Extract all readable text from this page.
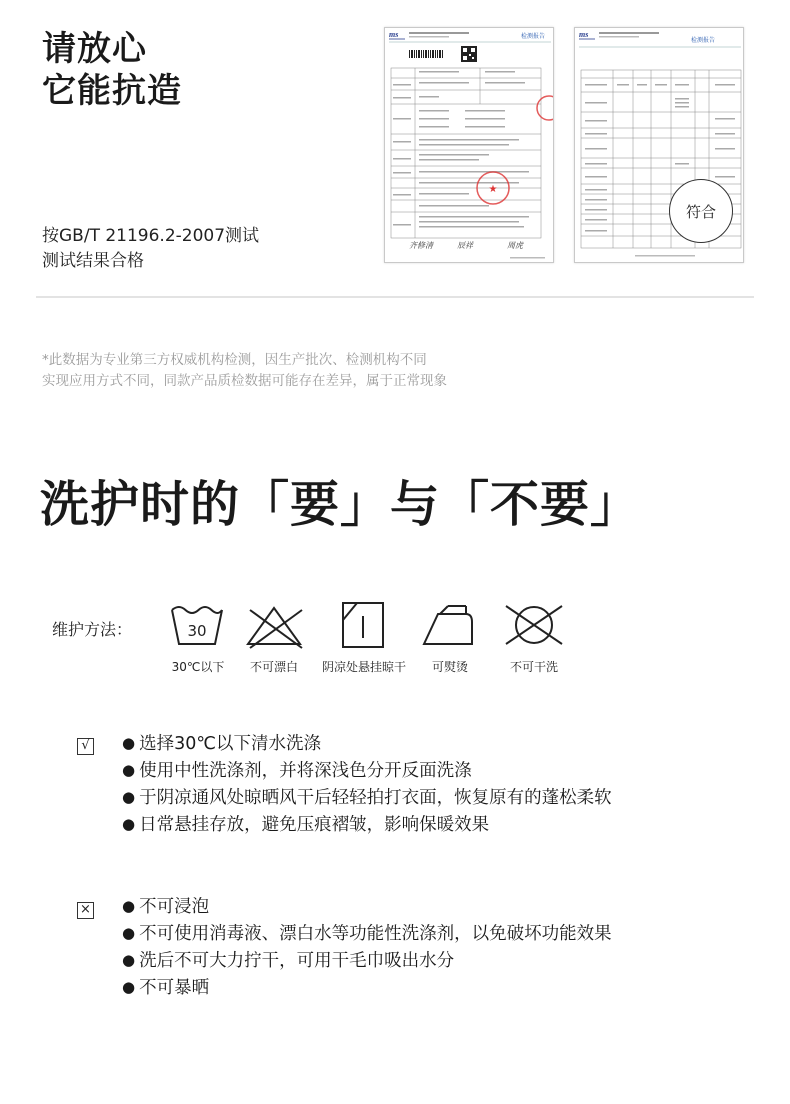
请放心
它能抗造
按GB/T 21196.2-2007测试
测试结果合格
ms	检测报告
★
齐修清	辰祥	周虎
ms
检测报告
符合
*此数据为专业第三方权威机构检测，因生产批次、检测机构不同
实现应用方式不同，同款产品质检数据可能存在差异，属于正常现象
洗护时的「要」与「不要」
维护方法：	30
30℃以下 不可漂白 阴凉处悬挂晾干 可熨烫	不可干洗
√	● 选择30℃以下清水洗涤
● 使用中性洗涤剂，并将深浅色分开反面洗涤
● 于阴凉通风处晾晒风干后轻轻拍打衣面，恢复原有的蓬松柔软
● 日常悬挂存放，避免压痕褶皱，影响保暖效果
×	● 不可浸泡
● 不可使用消毒液、漂白水等功能性洗涤剂，以免破坏功能效果
● 洗后不可大力拧干，可用干毛巾吸出水分
● 不可暴晒
